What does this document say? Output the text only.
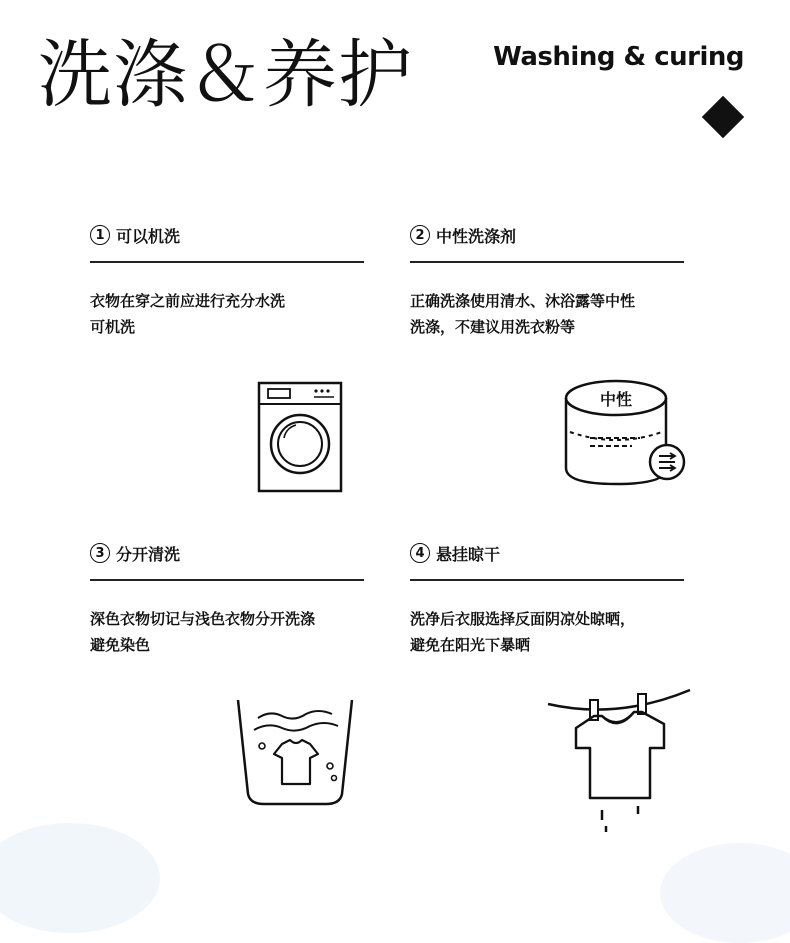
洗涤＆养护	Washing & curing
1 可以机洗
衣物在穿之前应进行充分水洗
可机洗
2 中性洗涤剂
正确洗涤使用清水、沐浴露等中性
洗涤，不建议用洗衣粉等
3 分开清洗
深色衣物切记与浅色衣物分开洗涤
避免染色
4 悬挂晾干
洗净后衣服选择反面阴凉处晾晒，
避免在阳光下暴晒
中性
